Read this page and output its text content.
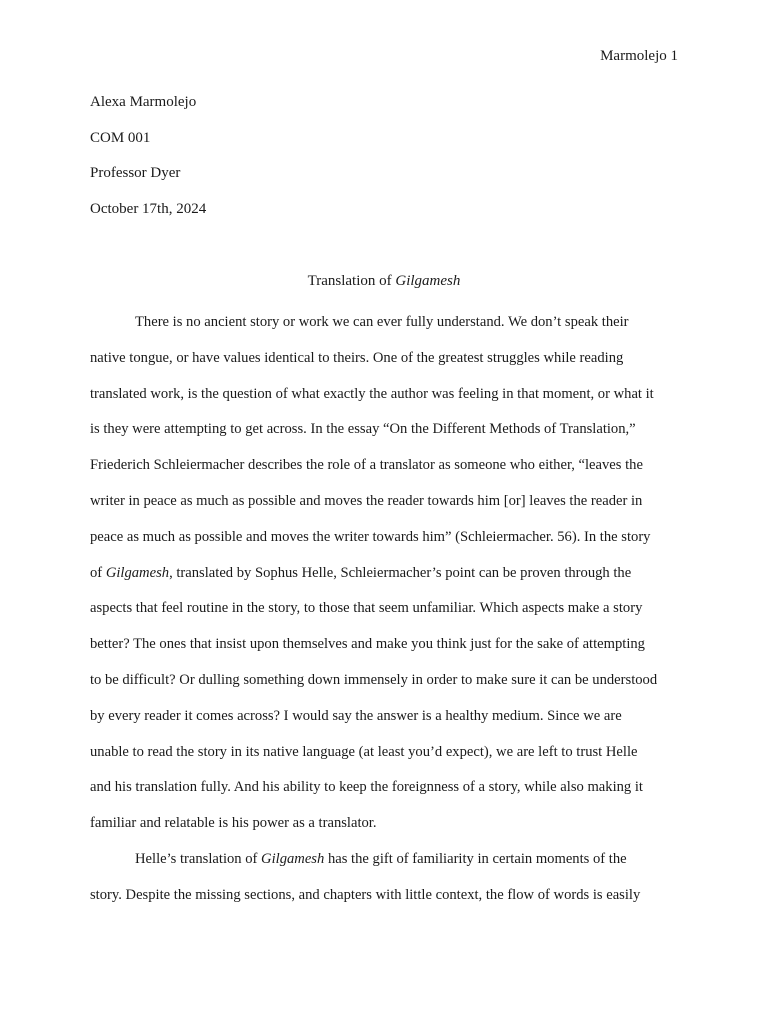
Marmolejo 1
Alexa Marmolejo
COM 001
Professor Dyer
October 17th, 2024
Translation of Gilgamesh
There is no ancient story or work we can ever fully understand. We don’t speak their
native tongue, or have values identical to theirs. One of the greatest struggles while reading
translated work, is the question of what exactly the author was feeling in that moment, or what it
is they were attempting to get across. In the essay “On the Different Methods of Translation,”
Friederich Schleiermacher describes the role of a translator as someone who either, “leaves the
writer in peace as much as possible and moves the reader towards him [or] leaves the reader in
peace as much as possible and moves the writer towards him” (Schleiermacher. 56). In the story
of Gilgamesh, translated by Sophus Helle, Schleiermacher’s point can be proven through the
aspects that feel routine in the story, to those that seem unfamiliar. Which aspects make a story
better? The ones that insist upon themselves and make you think just for the sake of attempting
to be difficult? Or dulling something down immensely in order to make sure it can be understood
by every reader it comes across? I would say the answer is a healthy medium. Since we are
unable to read the story in its native language (at least you’d expect), we are left to trust Helle
and his translation fully. And his ability to keep the foreignness of a story, while also making it
familiar and relatable is his power as a translator.
Helle’s translation of Gilgamesh has the gift of familiarity in certain moments of the
story. Despite the missing sections, and chapters with little context, the flow of words is easily
